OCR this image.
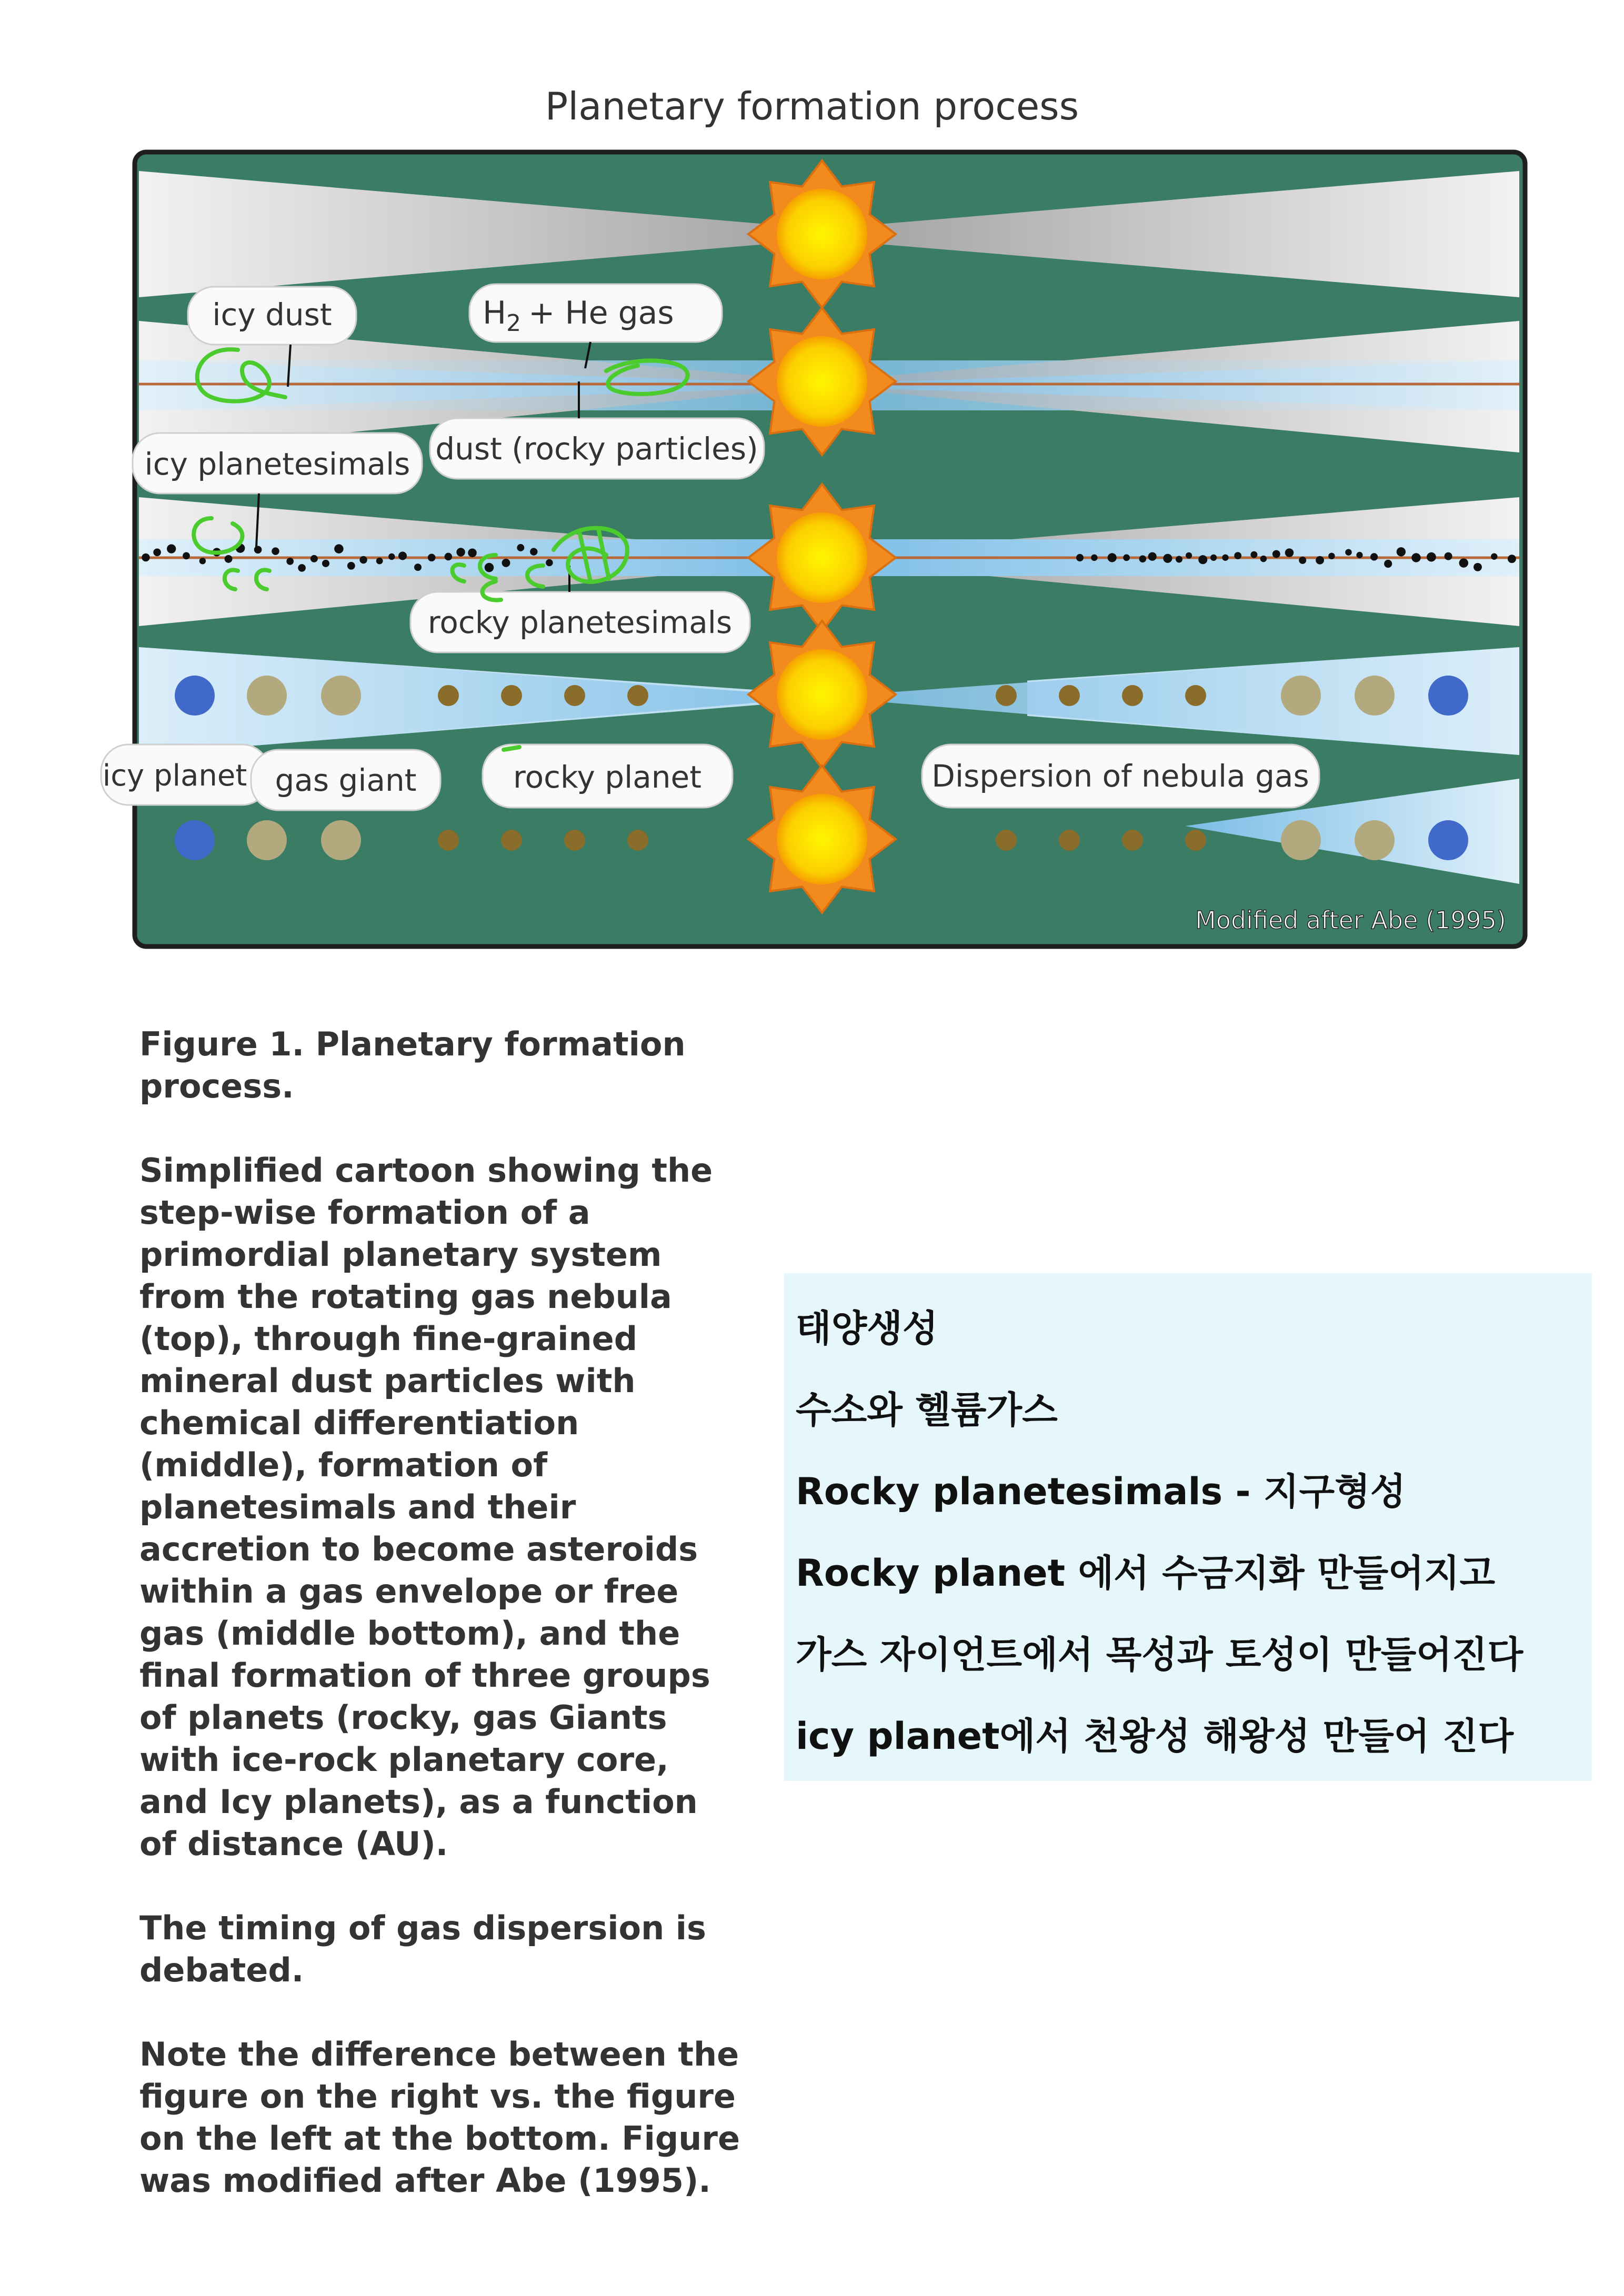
Planetary formation process
icy dust	$H_2 + He$ gas
dust (rocky particles)
icy planetesimals
rocky planetesimals
icy planet gas giant	rocky planet	Dispersion of nebula gas
Modified after Abe (1995)

Figure 1. Planetary formation process.

Simplified cartoon showing the step-wise formation of a primordial planetary system from the rotating gas nebula (top), through fine-grained mineral dust particles with chemical differentiation (middle), formation of planetesimals and their accretion to become asteroids within a gas envelope or free gas (middle bottom), and the final formation of three groups of planets (rocky, gas Giants with ice-rock planetary core, and Icy planets), as a function of distance (AU).

The timing of gas dispersion is debated.

Note the difference between the figure on the right vs. the figure on the left at the bottom. Figure was modified after Abe (1995).

태양생성
수소와 헬륨가스
Rocky planetesimals - 지구형성
Rocky planet 에서 수금지화 만들어지고
가스 자이언트에서 목성과 토성이 만들어진다
icy planet에서 천왕성 해왕성 만들어 진다
